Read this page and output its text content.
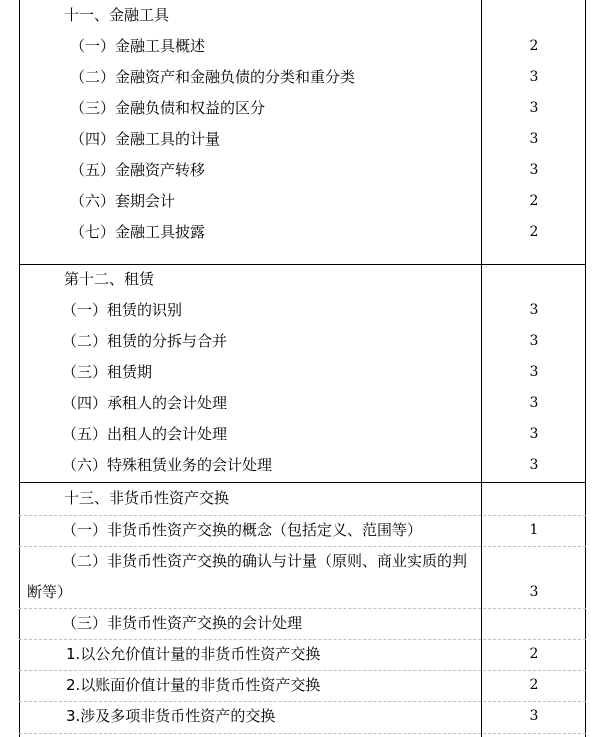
十一、金融工具
（一）金融工具概述	2
（二）金融资产和金融负债的分类和重分类	3
（三）金融负债和权益的区分	3
（四）金融工具的计量	3
（五）金融资产转移	3
（六）套期会计	2
（七）金融工具披露	2
第十二、租赁
（一）租赁的识别	3
（二）租赁的分拆与合并	3
（三）租赁期	3
（四）承租人的会计处理	3
（五）出租人的会计处理	3
（六）特殊租赁业务的会计处理	3
十三、非货币性资产交换
（一）非货币性资产交换的概念（包括定义、范围等）	1
（二）非货币性资产交换的确认与计量（原则、商业实质的判断等）	3
（三）非货币性资产交换的会计处理
1.以公允价值计量的非货币性资产交换	2
2.以账面价值计量的非货币性资产交换	2
3.涉及多项非货币性资产的交换	3
